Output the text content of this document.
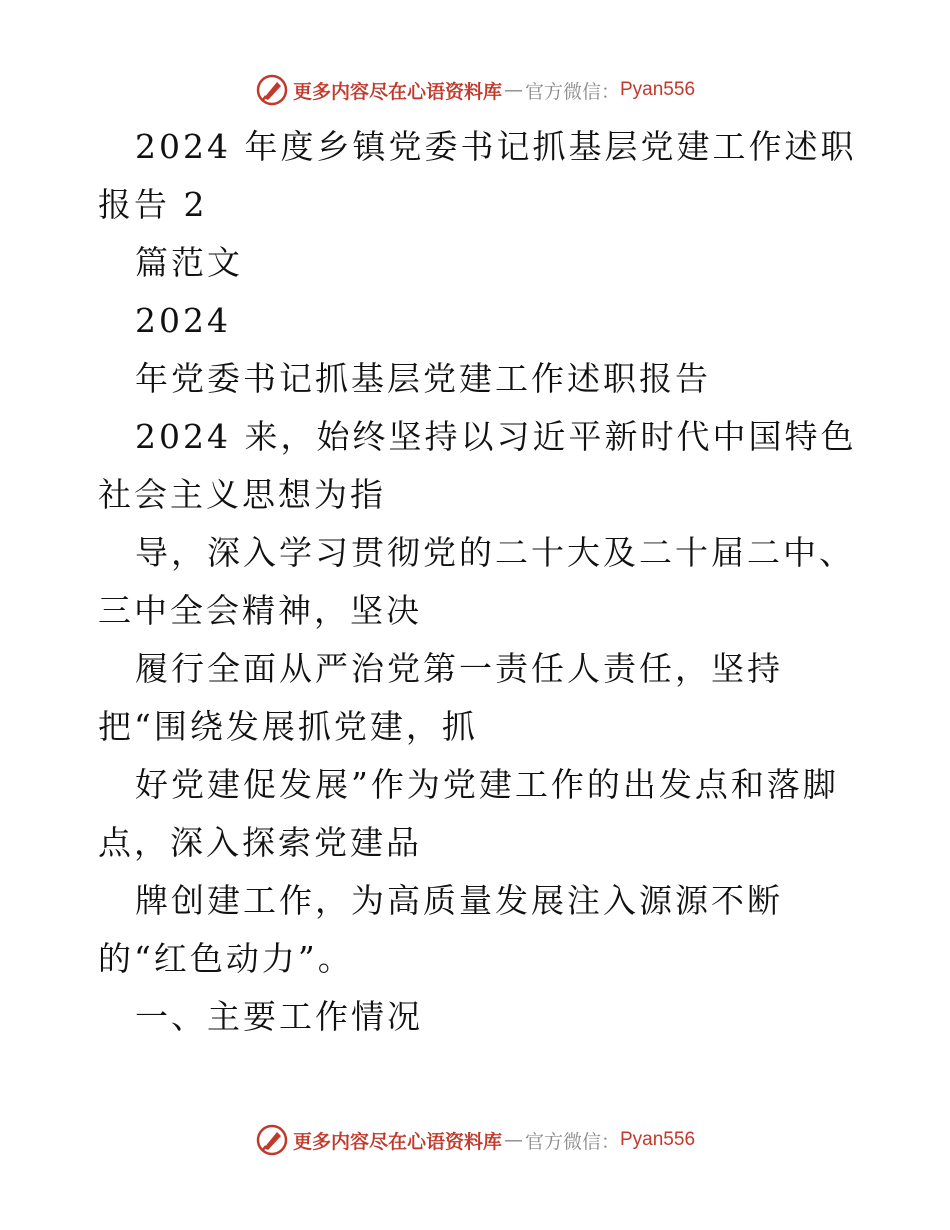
更多内容尽在心语资料库 — 官方微信： Pyan556

2024 年度乡镇党委书记抓基层党建工作述职报告 2

篇范文

2024

年党委书记抓基层党建工作述职报告

2024 来，始终坚持以习近平新时代中国特色社会主义思想为指

导，深入学习贯彻党的二十大及二十届二中、三中全会精神，坚决

履行全面从严治党第一责任人责任，坚持把“围绕发展抓党建，抓

好党建促发展”作为党建工作的出发点和落脚点，深入探索党建品

牌创建工作，为高质量发展注入源源不断的“红色动力”。

一、主要工作情况

更多内容尽在心语资料库 — 官方微信： Pyan556
